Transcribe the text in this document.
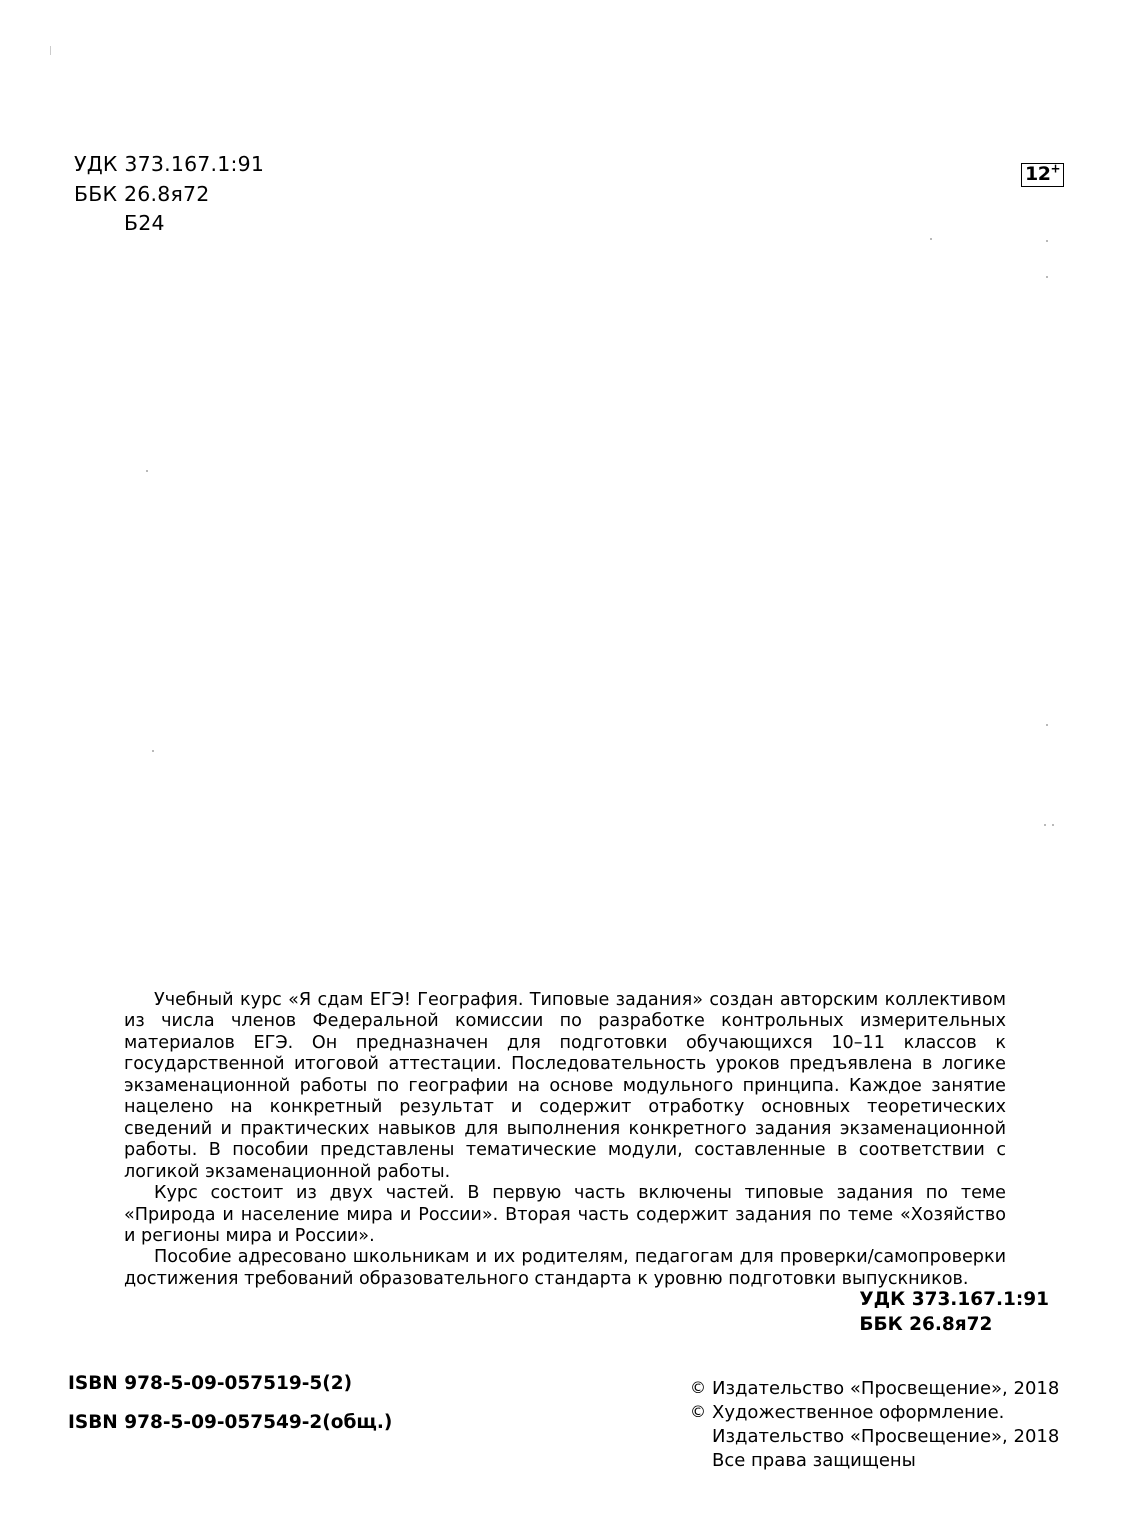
УДК 373.167.1:91
ББК 26.8я72
Б24
12+

Учебный курс «Я сдам ЕГЭ! География. Типовые задания» создан авторским коллективом из числа членов Федеральной комиссии по разработке контрольных измерительных материалов ЕГЭ. Он предназначен для подготовки обучающихся 10–11 классов к государственной итоговой аттестации. Последовательность уроков предъявлена в логике экзаменационной работы по географии на основе модульного принципа. Каждое занятие нацелено на конкретный результат и содержит отработку основных теоретических сведений и практических навыков для выполнения конкретного задания экзаменационной работы. В пособии представлены тематические модули, составленные в соответствии с логикой экзаменационной работы.

Курс состоит из двух частей. В первую часть включены типовые задания по теме «Природа и население мира и России». Вторая часть содержит задания по теме «Хозяйство и регионы мира и России».

Пособие адресовано школьникам и их родителям, педагогам для проверки/самопроверки достижения требований образовательного стандарта к уровню подготовки выпускников.

УДК 373.167.1:91
ББК 26.8я72
ISBN 978-5-09-057519-5(2)
ISBN 978-5-09-057549-2(общ.)
© Издательство «Просвещение», 2018
© Художественное оформление.
Издательство «Просвещение», 2018
Все права защищены
